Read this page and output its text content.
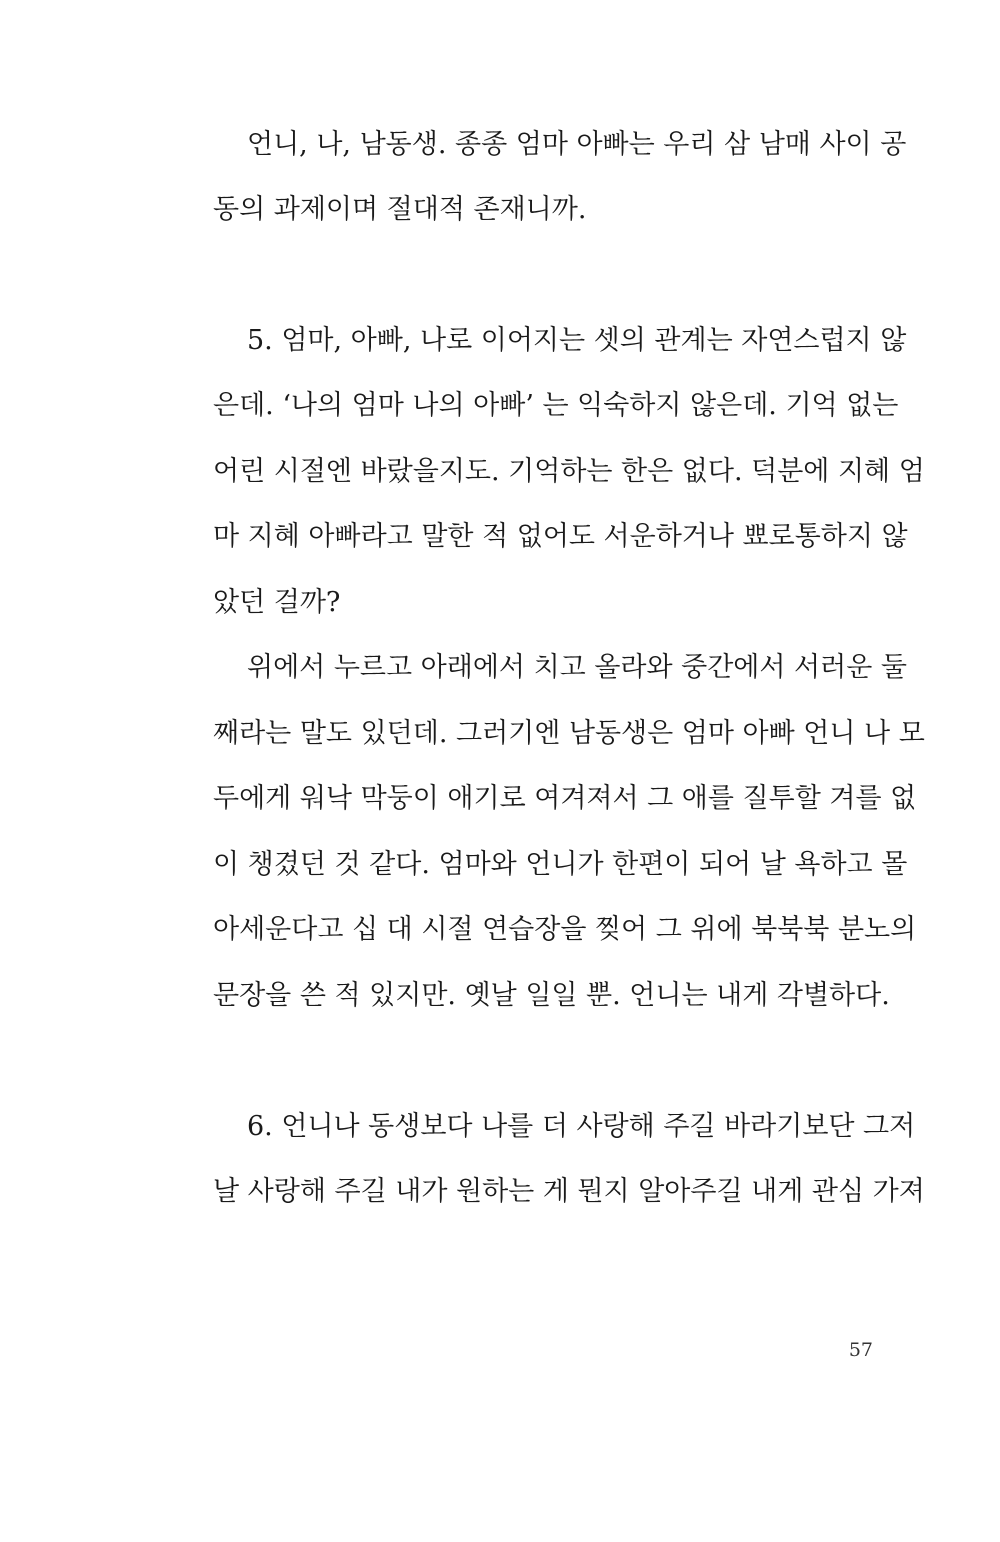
언니, 나, 남동생. 종종 엄마 아빠는 우리 삼 남매 사이 공
동의 과제이며 절대적 존재니까.
5. 엄마, 아빠, 나로 이어지는 셋의 관계는 자연스럽지 않
은데. ‘나의 엄마 나의 아빠’ 는 익숙하지 않은데. 기억 없는
어린 시절엔 바랐을지도. 기억하는 한은 없다. 덕분에 지혜 엄
마 지혜 아빠라고 말한 적 없어도 서운하거나 뾰로통하지 않
았던 걸까?
위에서 누르고 아래에서 치고 올라와 중간에서 서러운 둘
째라는 말도 있던데. 그러기엔 남동생은 엄마 아빠 언니 나 모
두에게 워낙 막둥이 애기로 여겨져서 그 애를 질투할 겨를 없
이 챙겼던 것 같다. 엄마와 언니가 한편이 되어 날 욕하고 몰
아세운다고 십 대 시절 연습장을 찢어 그 위에 북북북 분노의
문장을 쓴 적 있지만. 옛날 일일 뿐. 언니는 내게 각별하다.
6. 언니나 동생보다 나를 더 사랑해 주길 바라기보단 그저
날 사랑해 주길 내가 원하는 게 뭔지 알아주길 내게 관심 가져
57
